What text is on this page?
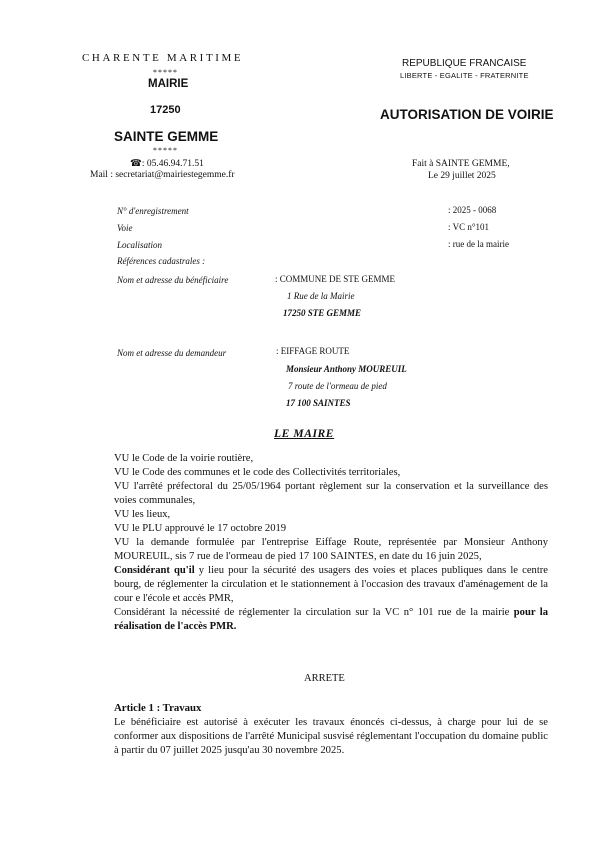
CHARENTE MARITIME
*****
MAIRIE
17250
SAINTE GEMME
*****
☎: 05.46.94.71.51
Mail : secretariat@mairiestegemme.fr
REPUBLIQUE FRANCAISE
LIBERTE - EGALITE - FRATERNITE
AUTORISATION DE VOIRIE
Fait à SAINTE GEMME,
Le 29 juillet 2025
N° d'enregistrement	: 2025 - 0068
Voie	: VC n°101
Localisation	: rue de la mairie
Références cadastrales :
Nom et adresse du bénéficiaire	: COMMUNE DE STE GEMME
1 Rue de la Mairie
17250 STE GEMME
Nom et adresse du demandeur	: EIFFAGE ROUTE
Monsieur Anthony MOUREUIL
7 route de l'ormeau de pied
17 100 SAINTES
LE MAIRE

VU le Code de la voirie routière,

VU le Code des communes et le code des Collectivités territoriales,

VU l'arrêté préfectoral du 25/05/1964 portant règlement sur la conservation et la surveillance des voies communales,

VU les lieux,

VU le PLU approuvé le 17 octobre 2019

VU la demande formulée par l'entreprise Eiffage Route, représentée par Monsieur Anthony MOUREUIL, sis 7 rue de l'ormeau de pied 17 100 SAINTES, en date du 16 juin 2025,

Considérant qu'il y lieu pour la sécurité des usagers des voies et places publiques dans le centre bourg, de réglementer la circulation et le stationnement à l'occasion des travaux d'aménagement de la cour e l'école et accès PMR,

Considérant la nécessité de réglementer la circulation sur la VC n° 101 rue de la mairie pour la réalisation de l'accès PMR.

ARRETE
Article 1 : Travaux

Le bénéficiaire est autorisé à exécuter les travaux énoncés ci-dessus, à charge pour lui de se conformer aux dispositions de l'arrêté Municipal susvisé réglementant l'occupation du domaine public à partir du 07 juillet 2025 jusqu'au 30 novembre 2025.
